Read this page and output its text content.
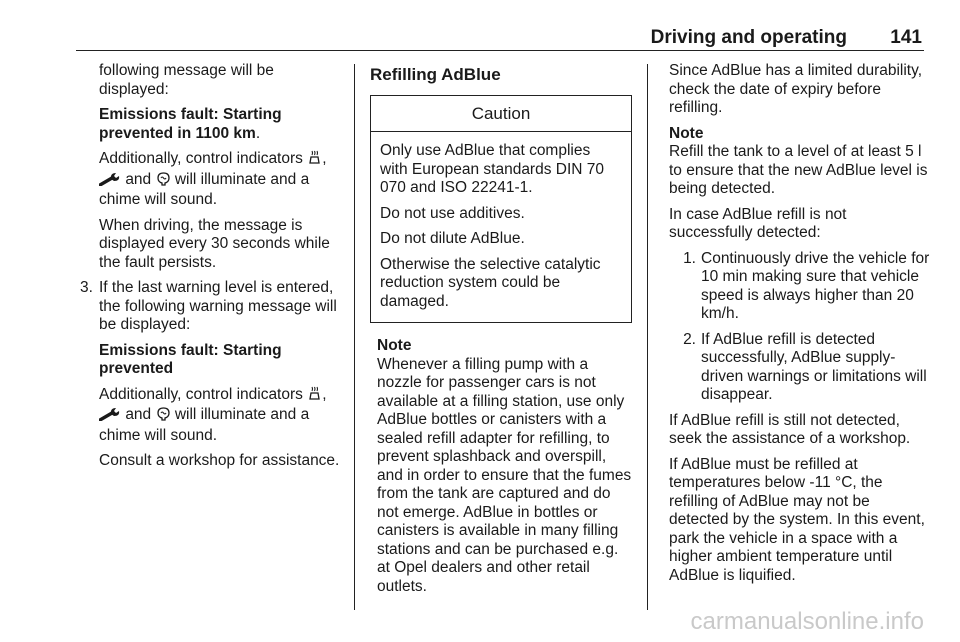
Driving and operating 141

following message will be displayed:

Emissions fault: Starting prevented in 1100 km.

Additionally, control indicators ,  and will illuminate and a chime will sound.

When driving, the message is displayed every 30 seconds while the fault persists.

3. If the last warning level is entered, the following warning message will be displayed:

Emissions fault: Starting prevented

Additionally, control indicators ,  and will illuminate and a chime will sound.

Consult a workshop for assistance.

Refilling AdBlue
Caution

Only use AdBlue that complies with European standards DIN 70 070 and ISO 22241-1.

Do not use additives.

Do not dilute AdBlue.

Otherwise the selective catalytic reduction system could be damaged.

Note

Whenever a filling pump with a nozzle for passenger cars is not available at a filling station, use only AdBlue bottles or canisters with a sealed refill adapter for refilling, to prevent splashback and overspill, and in order to ensure that the fumes from the tank are captured and do not emerge. AdBlue in bottles or canisters is available in many filling stations and can be purchased e.g. at Opel dealers and other retail outlets.

Since AdBlue has a limited durability, check the date of expiry before refilling.

Note

Refill the tank to a level of at least 5 l to ensure that the new AdBlue level is being detected.

In case AdBlue refill is not successfully detected:

1. Continuously drive the vehicle for 10 min making sure that vehicle speed is always higher than 20 km/h.
2. If AdBlue refill is detected successfully, AdBlue supply-driven warnings or limitations will disappear.

If AdBlue refill is still not detected, seek the assistance of a workshop.

If AdBlue must be refilled at temperatures below -11 °C, the refilling of AdBlue may not be detected by the system. In this event, park the vehicle in a space with a higher ambient temperature until AdBlue is liquified.

carmanualsonline.info
